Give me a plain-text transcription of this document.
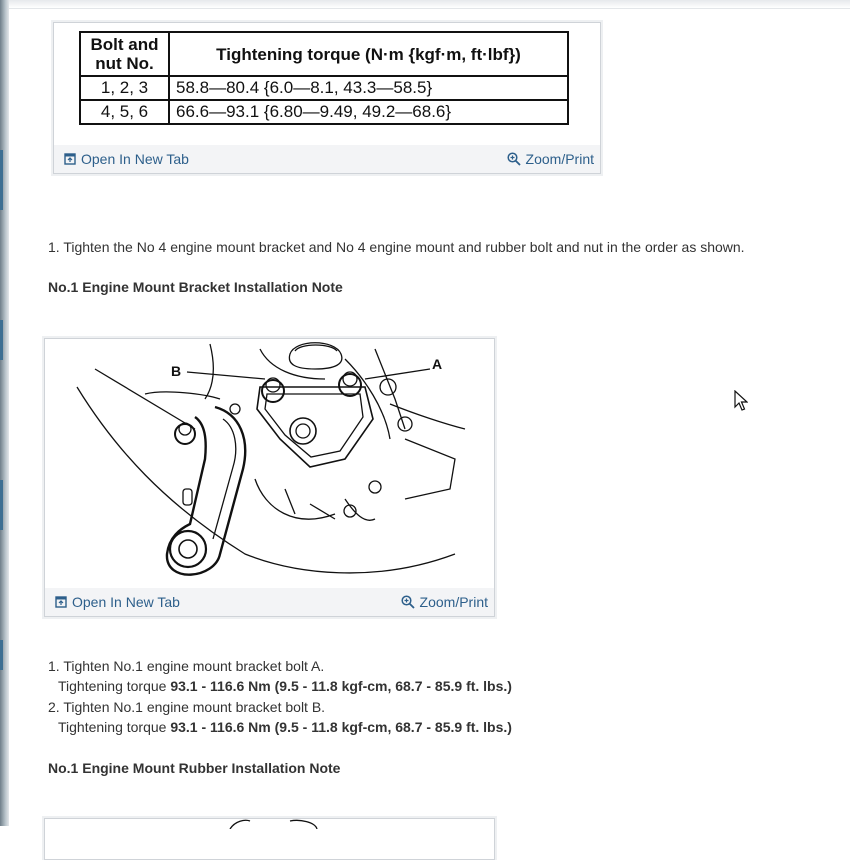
Bolt and
nut No.	Tightening torque (N·m {kgf·m, ft·lbf})
1, 2, 3	58.8—80.4 {6.0—8.1, 43.3—58.5}
4, 5, 6	66.6—93.1 {6.80—9.49, 49.2—68.6}
Open In New Tab	Zoom/Print
1. Tighten the No 4 engine mount bracket and No 4 engine mount and rubber bolt and nut in the order as shown.
No.1 Engine Mount Bracket Installation Note
B	A
Open In New Tab	Zoom/Print
1. Tighten No.1 engine mount bracket bolt A.
Tightening torque 93.1 - 116.6 Nm (9.5 - 11.8 kgf-cm, 68.7 - 85.9 ft. lbs.)
2. Tighten No.1 engine mount bracket bolt B.
Tightening torque 93.1 - 116.6 Nm (9.5 - 11.8 kgf-cm, 68.7 - 85.9 ft. lbs.)
No.1 Engine Mount Rubber Installation Note
